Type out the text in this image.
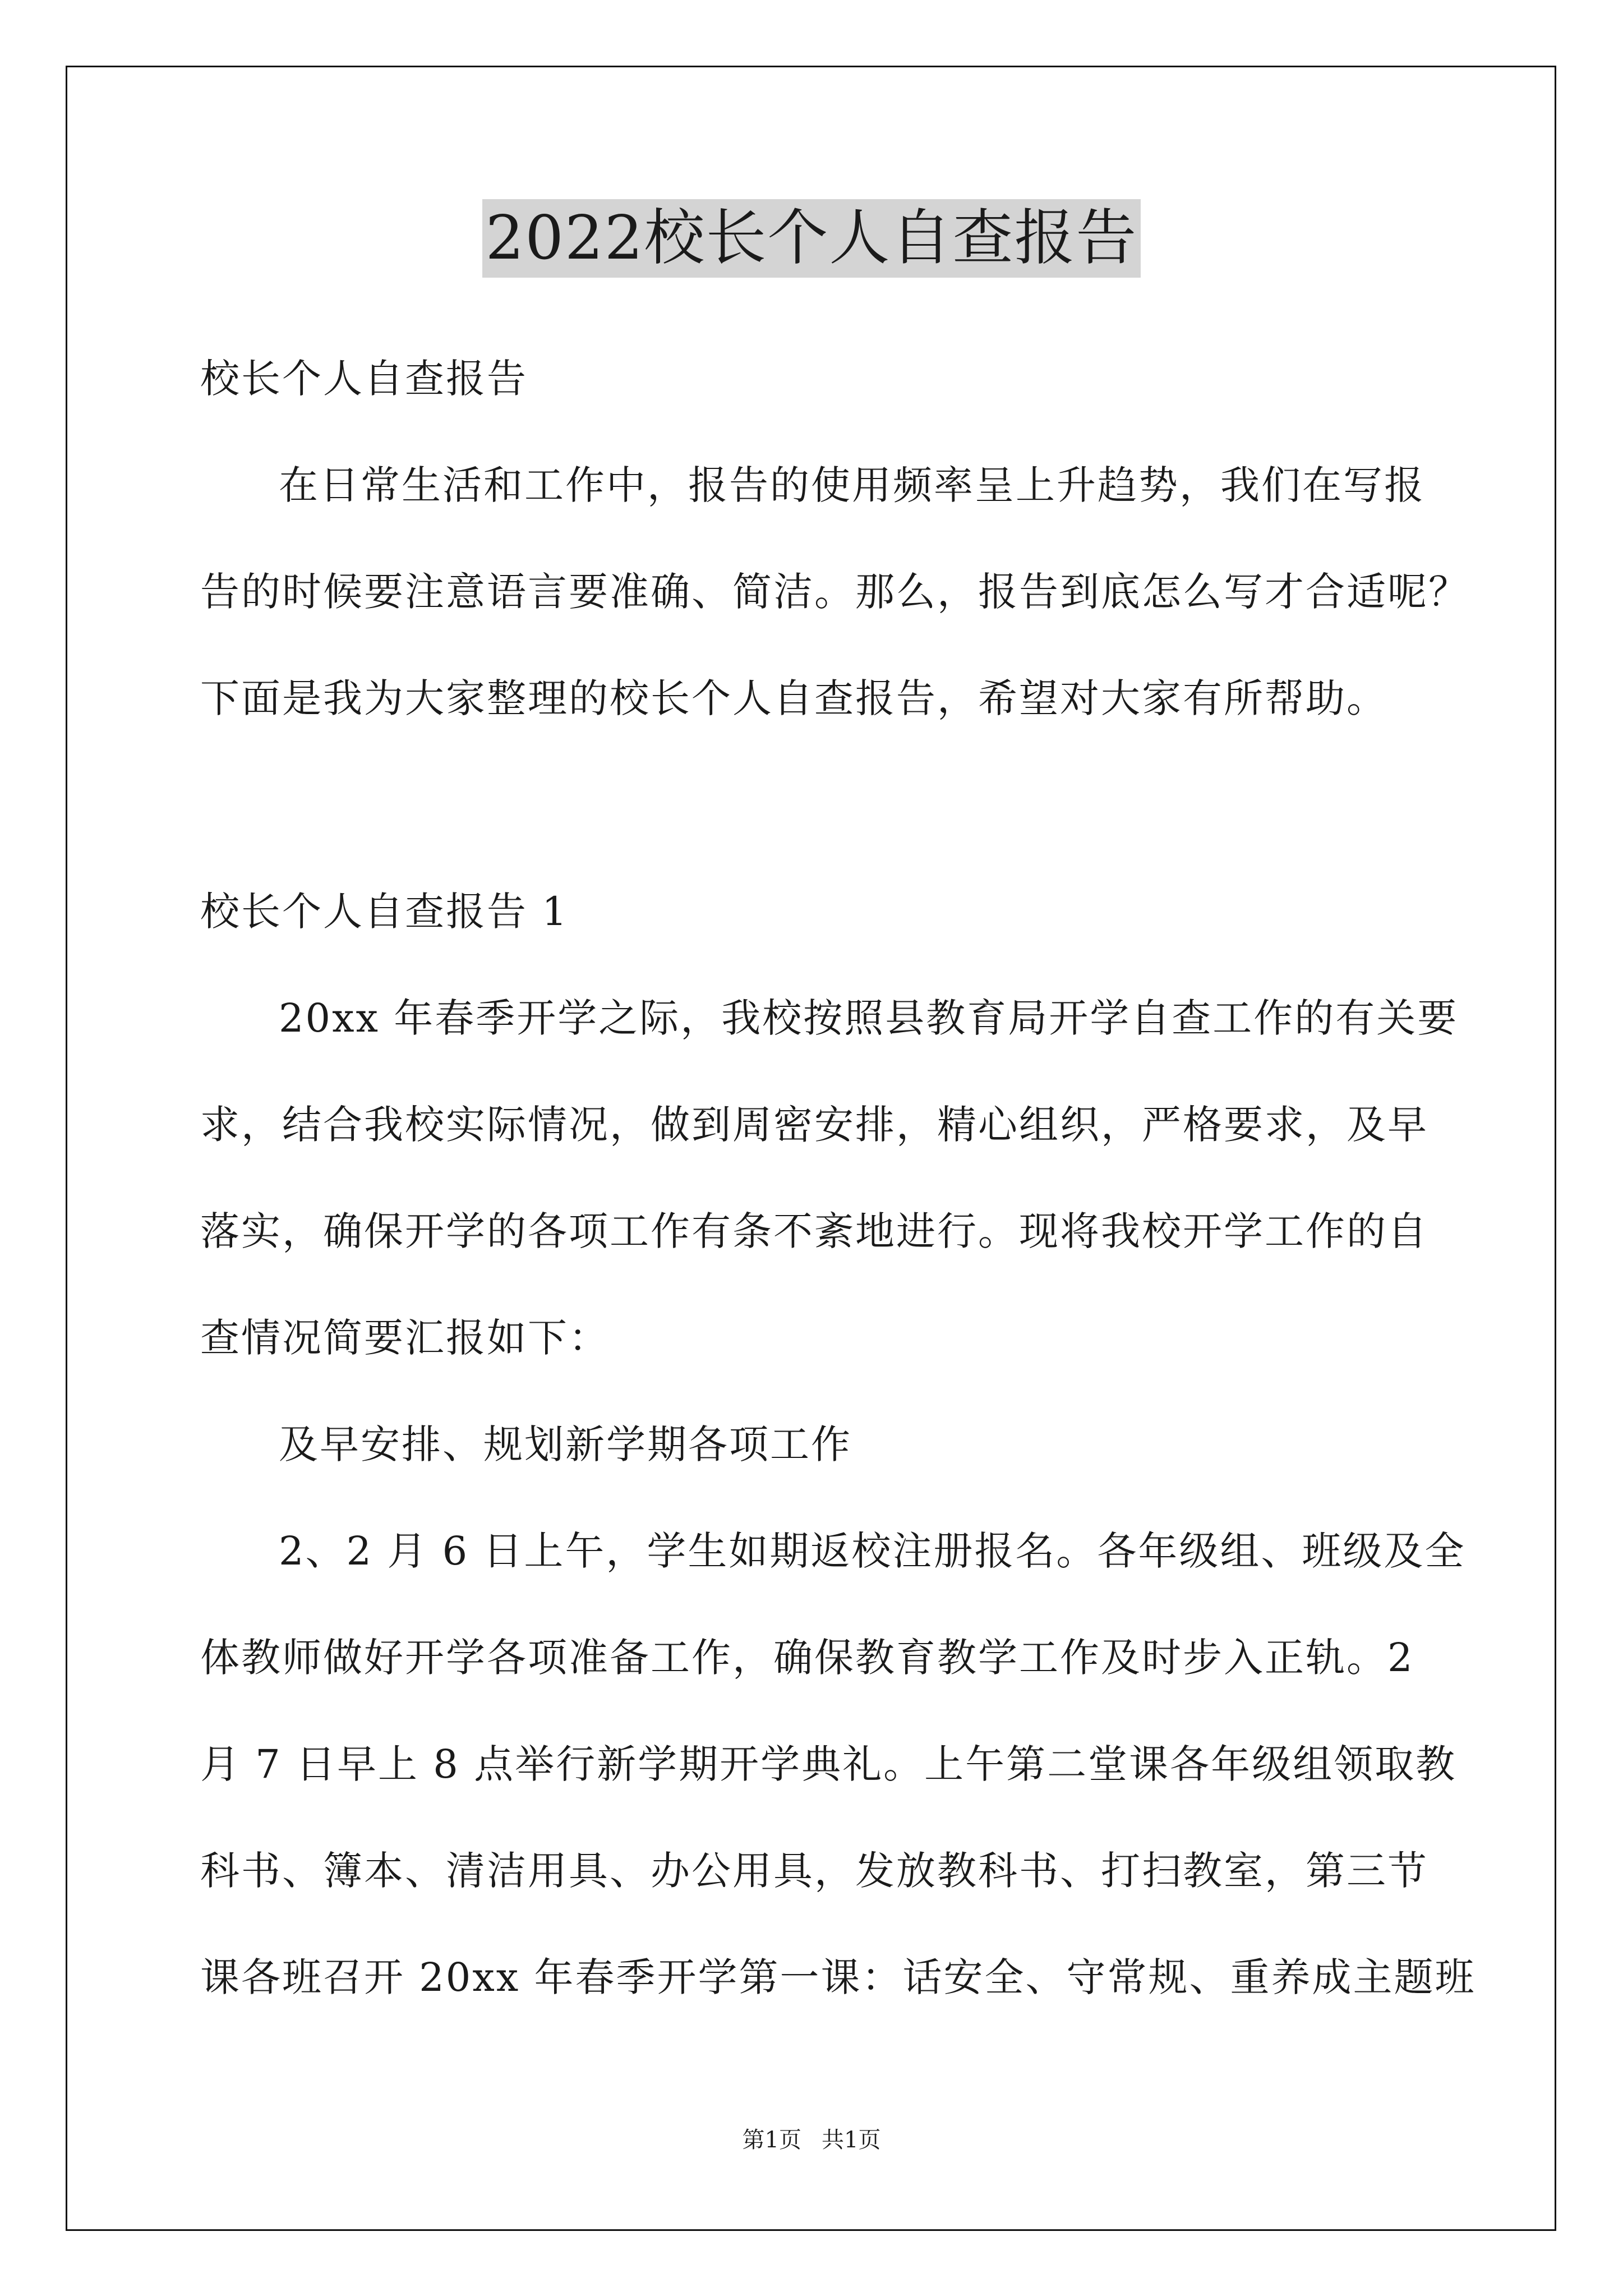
2022校长个人自查报告
校长个人自查报告
在日常生活和工作中，报告的使用频率呈上升趋势，我们在写报
告的时候要注意语言要准确、简洁。那么，报告到底怎么写才合适呢？
下面是我为大家整理的校长个人自查报告，希望对大家有所帮助。
校长个人自查报告 1
20xx 年春季开学之际，我校按照县教育局开学自查工作的有关要
求，结合我校实际情况，做到周密安排，精心组织，严格要求，及早
落实，确保开学的各项工作有条不紊地进行。现将我校开学工作的自
查情况简要汇报如下：
及早安排、规划新学期各项工作
2、2 月 6 日上午，学生如期返校注册报名。各年级组、班级及全
体教师做好开学各项准备工作，确保教育教学工作及时步入正轨。2
月 7 日早上 8 点举行新学期开学典礼。上午第二堂课各年级组领取教
科书、簿本、清洁用具、办公用具，发放教科书、打扫教室，第三节
课各班召开 20xx 年春季开学第一课：话安全、守常规、重养成主题班
第1页 共1页
